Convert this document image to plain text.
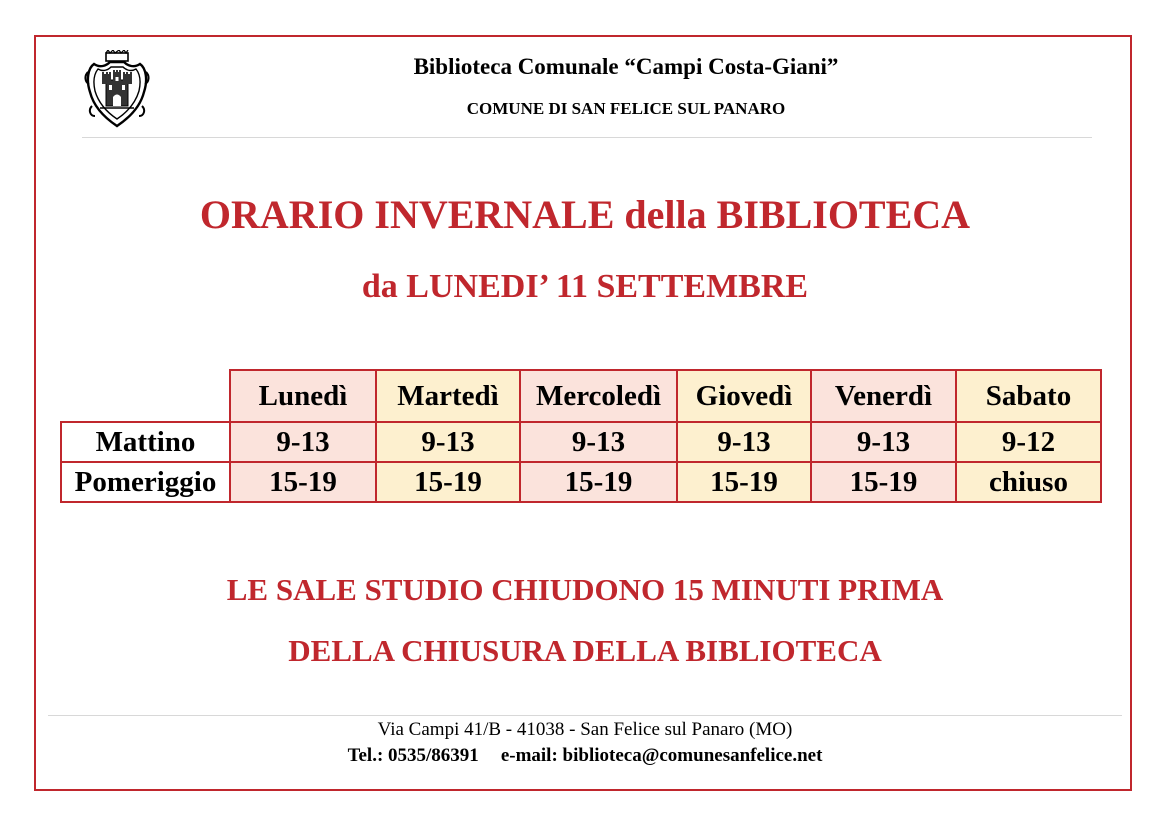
Biblioteca Comunale “Campi Costa-Giani”
COMUNE DI SAN FELICE SUL PANARO
ORARIO INVERNALE della BIBLIOTECA
da LUNEDI’ 11 SETTEMBRE
	Lunedì	Martedì	Mercoledì	Giovedì	Venerdì	Sabato
Mattino	9-13	9-13	9-13	9-13	9-13	9-12
Pomeriggio	15-19	15-19	15-19	15-19	15-19	chiuso
LE SALE STUDIO CHIUDONO 15 MINUTI PRIMA
DELLA CHIUSURA DELLA BIBLIOTECA
Via Campi 41/B - 41038 - San Felice sul Panaro (MO)
Tel.: 0535/86391 e-mail: biblioteca@comunesanfelice.net
